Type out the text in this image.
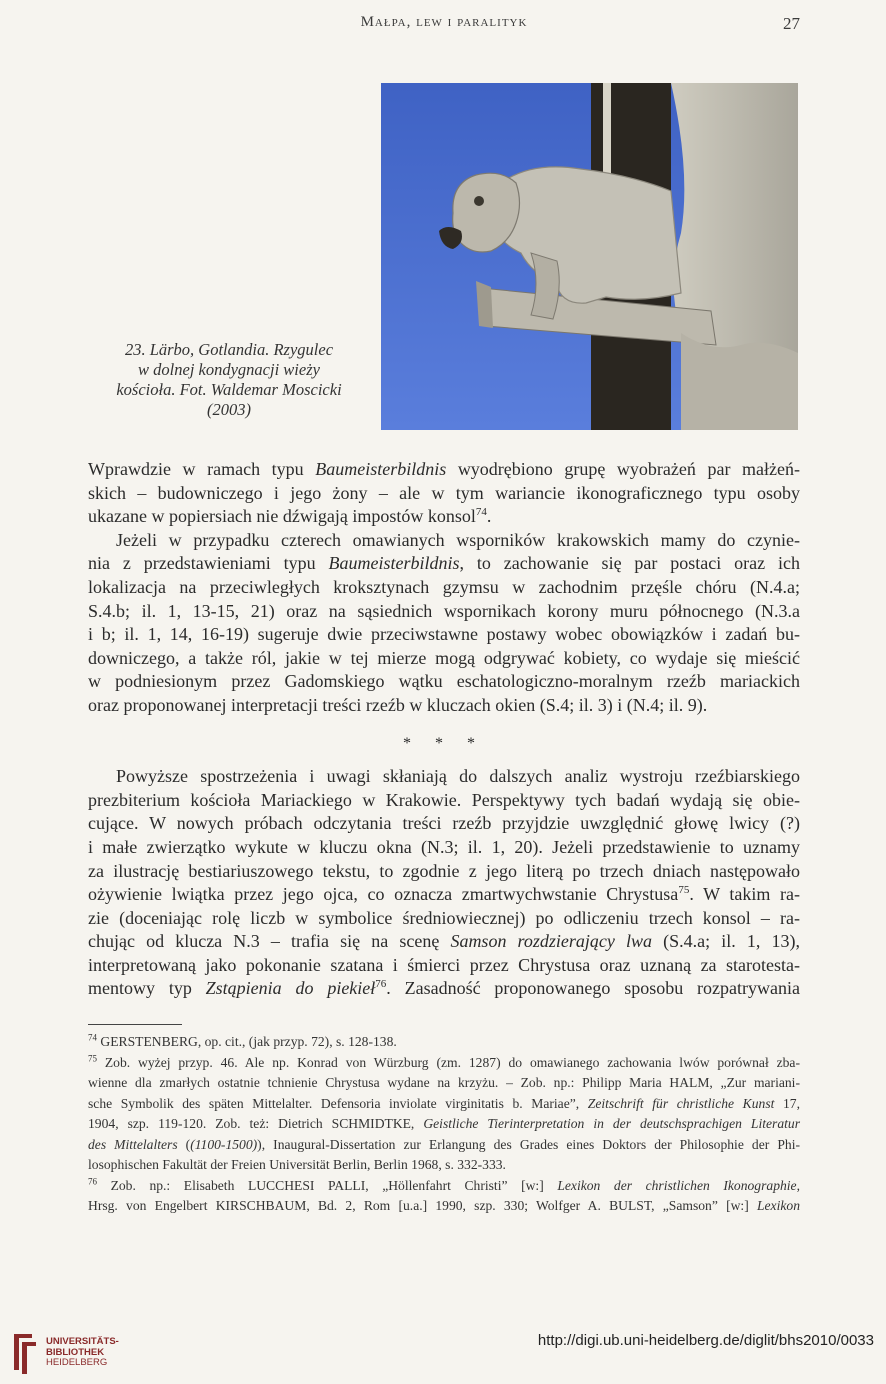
Małpa, lew i paralityk	27
23. Lärbo, Gotlandia. Rzygulec
w dolnej kondygnacji wieży
kościoła. Fot. Waldemar Moscicki
(2003)
Wprawdzie w ramach typu Baumeisterbildnis wyodrębiono grupę wyobrażeń par małżeń-
skich – budowniczego i jego żony – ale w tym wariancie ikonograficznego typu osoby
ukazane w popiersiach nie dźwigają impostów konsol$^{74}$.
Jeżeli w przypadku czterech omawianych wsporników krakowskich mamy do czynie-
nia z przedstawieniami typu Baumeisterbildnis, to zachowanie się par postaci oraz ich
lokalizacja na przeciwległych kroksztynach gzymsu w zachodnim przęśle chóru (N.4.a;
S.4.b; il. 1, 13-15, 21) oraz na sąsiednich wspornikach korony muru północnego (N.3.a
i b; il. 1, 14, 16-19) sugeruje dwie przeciwstawne postawy wobec obowiązków i zadań bu-
downiczego, a także ról, jakie w tej mierze mogą odgrywać kobiety, co wydaje się mieścić
w podniesionym przez Gadomskiego wątku eschatologiczno-moralnym rzeźb mariackich
oraz proponowanej interpretacji treści rzeźb w kluczach okien (S.4; il. 3) i (N.4; il. 9).
* * *
Powyższe spostrzeżenia i uwagi skłaniają do dalszych analiz wystroju rzeźbiarskiego
prezbiterium kościoła Mariackiego w Krakowie. Perspektywy tych badań wydają się obie-
cujące. W nowych próbach odczytania treści rzeźb przyjdzie uwzględnić głowę lwicy (?)
i małe zwierzątko wykute w kluczu okna (N.3; il. 1, 20). Jeżeli przedstawienie to uznamy
za ilustrację bestiariuszowego tekstu, to zgodnie z jego literą po trzech dniach następowało
ożywienie lwiątka przez jego ojca, co oznacza zmartwychwstanie Chrystusa$^{75}$. W takim ra-
zie (doceniając rolę liczb w symbolice średniowiecznej) po odliczeniu trzech konsol – ra-
chując od klucza N.3 – trafia się na scenę Samson rozdzierający lwa (S.4.a; il. 1, 13),
interpretowaną jako pokonanie szatana i śmierci przez Chrystusa oraz uznaną za starotesta-
mentowy typ Zstąpienia do piekieł$^{76}$. Zasadność proponowanego sposobu rozpatrywania
$^{74}$ GERSTENBERG, op. cit., (jak przyp. 72), s. 128-138.
$^{75}$ Zob. wyżej przyp. 46. Ale np. Konrad von Würzburg (zm. 1287) do omawianego zachowania lwów porównał zba-
wienne dla zmarłych ostatnie tchnienie Chrystusa wydane na krzyżu. – Zob. np.: Philipp Maria HALM, „Zur mariani-
sche Symbolik des späten Mittelalter. Defensoria inviolate virginitatis b. Mariae”, Zeitschrift für christliche Kunst 17,
1904, szp. 119-120. Zob. też: Dietrich SCHMIDTKE, Geistliche Tierinterpretation in der deutschsprachigen Literatur
des Mittelalters ((1100-1500)), Inaugural-Dissertation zur Erlangung des Grades eines Doktors der Philosophie der Phi-
losophischen Fakultät der Freien Universität Berlin, Berlin 1968, s. 332-333.
$^{76}$ Zob. np.: Elisabeth LUCCHESI PALLI, „Höllenfahrt Christi” [w:] Lexikon der christlichen Ikonographie,
Hrsg. von Engelbert KIRSCHBAUM, Bd. 2, Rom [u.a.] 1990, szp. 330; Wolfger A. BULST, „Samson” [w:] Lexikon
UNIVERSITÄTS-
BIBLIOTHEK
HEIDELBERG
http://digi.ub.uni-heidelberg.de/diglit/bhs2010/0033
